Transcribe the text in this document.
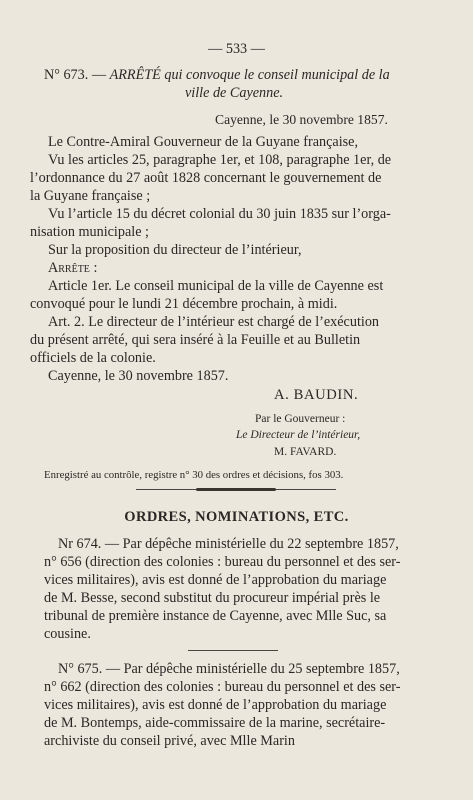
— 533 —
N° 673. — ARRÊTÉ qui convoque le conseil municipal de la
ville de Cayenne.
Cayenne, le 30 novembre 1857.
Le Contre-Amiral Gouverneur de la Guyane française,
Vu les articles 25, paragraphe 1er, et 108, paragraphe 1er, de
l’ordonnance du 27 août 1828 concernant le gouvernement de
la Guyane française ;
Vu l’article 15 du décret colonial du 30 juin 1835 sur l’orga-
nisation municipale ;
Sur la proposition du directeur de l’intérieur,
Arrête :
Article 1er. Le conseil municipal de la ville de Cayenne est
convoqué pour le lundi 21 décembre prochain, à midi.
Art. 2. Le directeur de l’intérieur est chargé de l’exécution
du présent arrêté, qui sera inséré à la Feuille et au Bulletin
officiels de la colonie.
Cayenne, le 30 novembre 1857.
A. BAUDIN.
Par le Gouverneur :
Le Directeur de l’intérieur,
M. FAVARD.
Enregistré au contrôle, registre n° 30 des ordres et décisions, fos 303.
ORDRES, NOMINATIONS, ETC.
Nr 674. — Par dépêche ministérielle du 22 septembre 1857,
n° 656 (direction des colonies : bureau du personnel et des ser-
vices militaires), avis est donné de l’approbation du mariage
de M. Besse, second substitut du procureur impérial près le
tribunal de première instance de Cayenne, avec Mlle Suc, sa
cousine.
N° 675. — Par dépêche ministérielle du 25 septembre 1857,
n° 662 (direction des colonies : bureau du personnel et des ser-
vices militaires), avis est donné de l’approbation du mariage
de M. Bontemps, aide-commissaire de la marine, secrétaire-
archiviste du conseil privé, avec Mlle Marin
